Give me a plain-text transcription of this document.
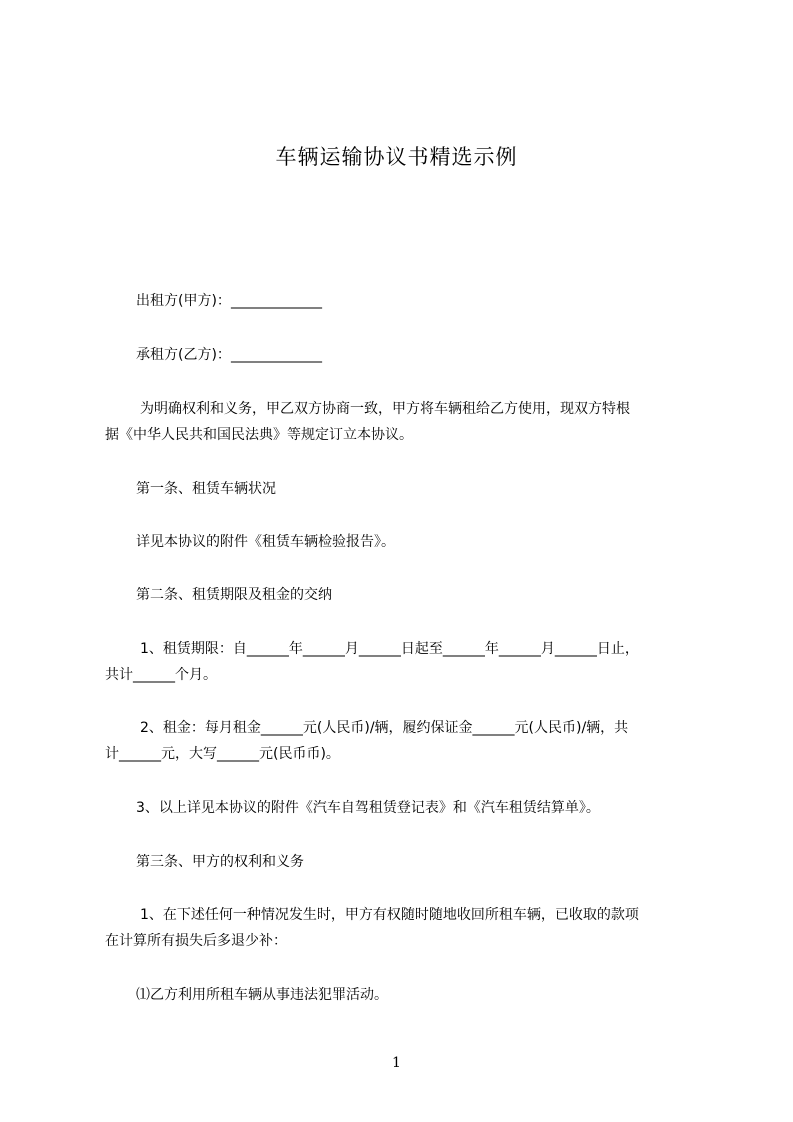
车辆运输协议书精选示例
出租方(甲方)：_____________
承租方(乙方)：_____________
为明确权利和义务，甲乙双方协商一致，甲方将车辆租给乙方使用，现双方特根
据《中华人民共和国民法典》等规定订立本协议。
第一条、租赁车辆状况
详见本协议的附件《租赁车辆检验报告》。
第二条、租赁期限及租金的交纳
1、租赁期限：自______年______月______日起至______年______月______日止，
共计______个月。
2、租金：每月租金______元(人民币)/辆，履约保证金______元(人民币)/辆，共
计______元，大写______元(民币币)。
3、以上详见本协议的附件《汽车自驾租赁登记表》和《汽车租赁结算单》。
第三条、甲方的权利和义务
1、在下述任何一种情况发生时，甲方有权随时随地收回所租车辆，已收取的款项
在计算所有损失后多退少补：
⑴乙方利用所租车辆从事违法犯罪活动。
1
